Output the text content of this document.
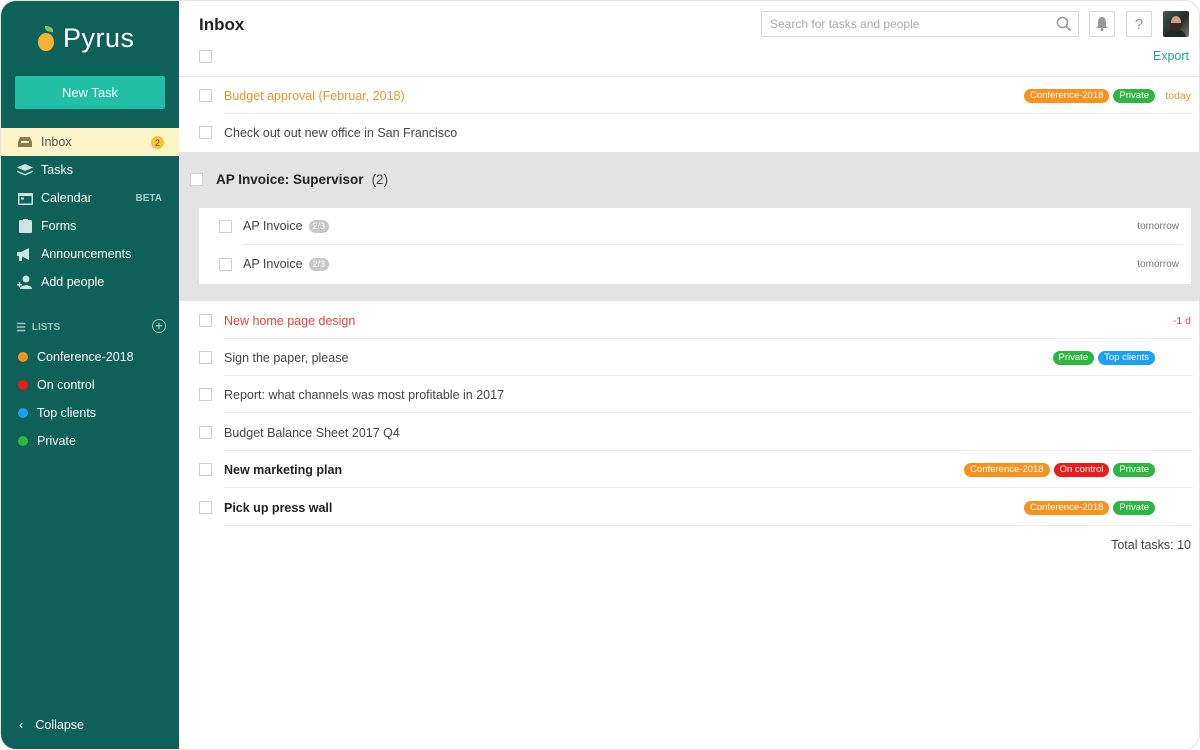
Pyrus
New Task
Inbox	2
Tasks
Calendar	BETA
Forms
Announcements
Add people
☰ LISTS	+
Conference-2018
On control
Top clients
Private
‹ Collapse
Inbox
Search for tasks and people	?
Export
Budget approval (Februar, 2018)	Conference-2018	Private	today
Check out out new office in San Francisco
AP Invoice: Supervisor (2)
AP Invoice 2/3	tomorrow
AP Invoice 2/3	tomorrow
New home page design	-1 d
Sign the paper, please	Private	Top clients
Report: what channels was most profitable in 2017
Budget Balance Sheet 2017 Q4
New marketing plan	Conference-2018	On control	Private
Pick up press wall	Conference-2018	Private
Total tasks: 10
